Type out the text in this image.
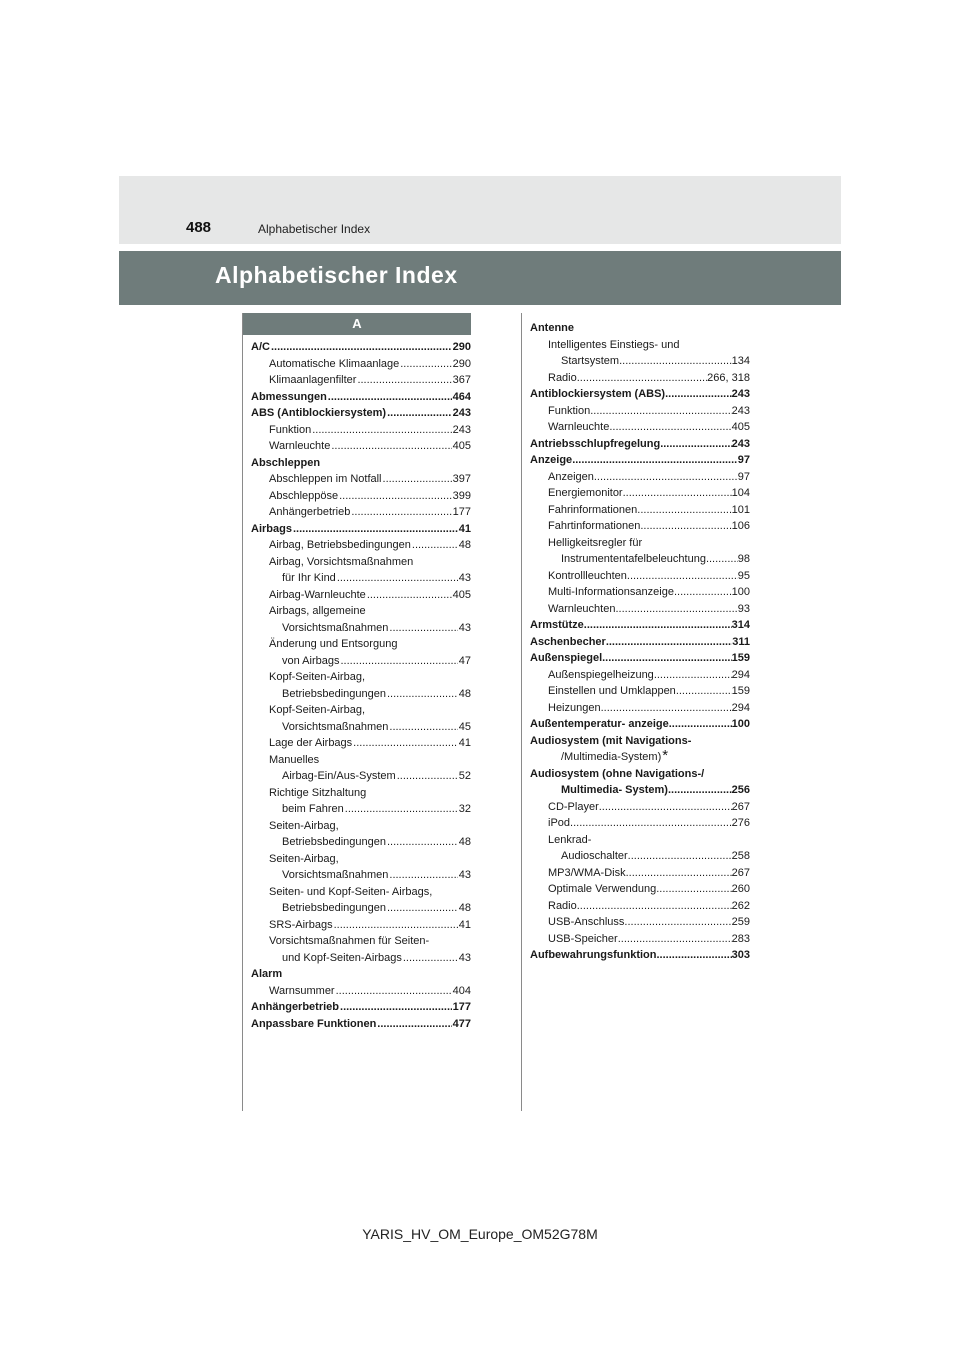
488	Alphabetischer Index
Alphabetischer Index
A
A/C .....	290
Automatische Klimaanlage .....	290
Klimaanlagenfilter .....	367
Abmessungen .....	464
ABS (Antiblockiersystem) .....	243
Funktion .....	243
Warnleuchte .....	405
Abschleppen
Abschleppen im Notfall .....	397
Abschleppöse .....	399
Anhängerbetrieb .....	177
Airbags .....	41
Airbag, Betriebsbedingungen .....	48
Airbag, Vorsichtsmaßnahmen
für Ihr Kind .....	43
Airbag-Warnleuchte .....	405
Airbags, allgemeine
Vorsichtsmaßnahmen .....	43
Änderung und Entsorgung
von Airbags .....	47
Kopf-Seiten-Airbag,
Betriebsbedingungen .....	48
Kopf-Seiten-Airbag,
Vorsichtsmaßnahmen .....	45
Lage der Airbags .....	41
Manuelles
Airbag-Ein/Aus-System .....	52
Richtige Sitzhaltung
beim Fahren .....	32
Seiten-Airbag,
Betriebsbedingungen .....	48
Seiten-Airbag,
Vorsichtsmaßnahmen .....	43
Seiten- und Kopf-Seiten- Airbags,
Betriebsbedingungen .....	48
SRS-Airbags .....	41
Vorsichtsmaßnahmen für Seiten-
und Kopf-Seiten-Airbags .....	43
Alarm
Warnsummer .....	404
Anhängerbetrieb .....	177
Anpassbare Funktionen .....	477
Antenne
Intelligentes Einstiegs- und
Startsystem .....	134
Radio .....	266, 318
Antiblockiersystem (ABS) .....	243
Funktion .....	243
Warnleuchte .....	405
Antriebsschlupfregelung .....	243
Anzeige .....	97
Anzeigen .....	97
Energiemonitor .....	104
Fahrinformationen .....	101
Fahrtinformationen .....	106
Helligkeitsregler für
Instrumententafelbeleuchtung .....	98
Kontrollleuchten .....	95
Multi-Informationsanzeige .....	100
Warnleuchten .....	93
Armstütze .....	314
Aschenbecher .....	311
Außenspiegel .....	159
Außenspiegelheizung .....	294
Einstellen und Umklappen .....	159
Heizungen .....	294
Außentemperatur- anzeige .....	100
Audiosystem (mit Navigations-
/Multimedia-System) *
Audiosystem (ohne Navigations-/
Multimedia- System) .....	256
CD-Player .....	267
iPod .....	276
Lenkrad-
Audioschalter .....	258
MP3/WMA-Disk .....	267
Optimale Verwendung .....	260
Radio .....	262
USB-Anschluss .....	259
USB-Speicher .....	283
Aufbewahrungsfunktion .....	303
YARIS_HV_OM_Europe_OM52G78M
